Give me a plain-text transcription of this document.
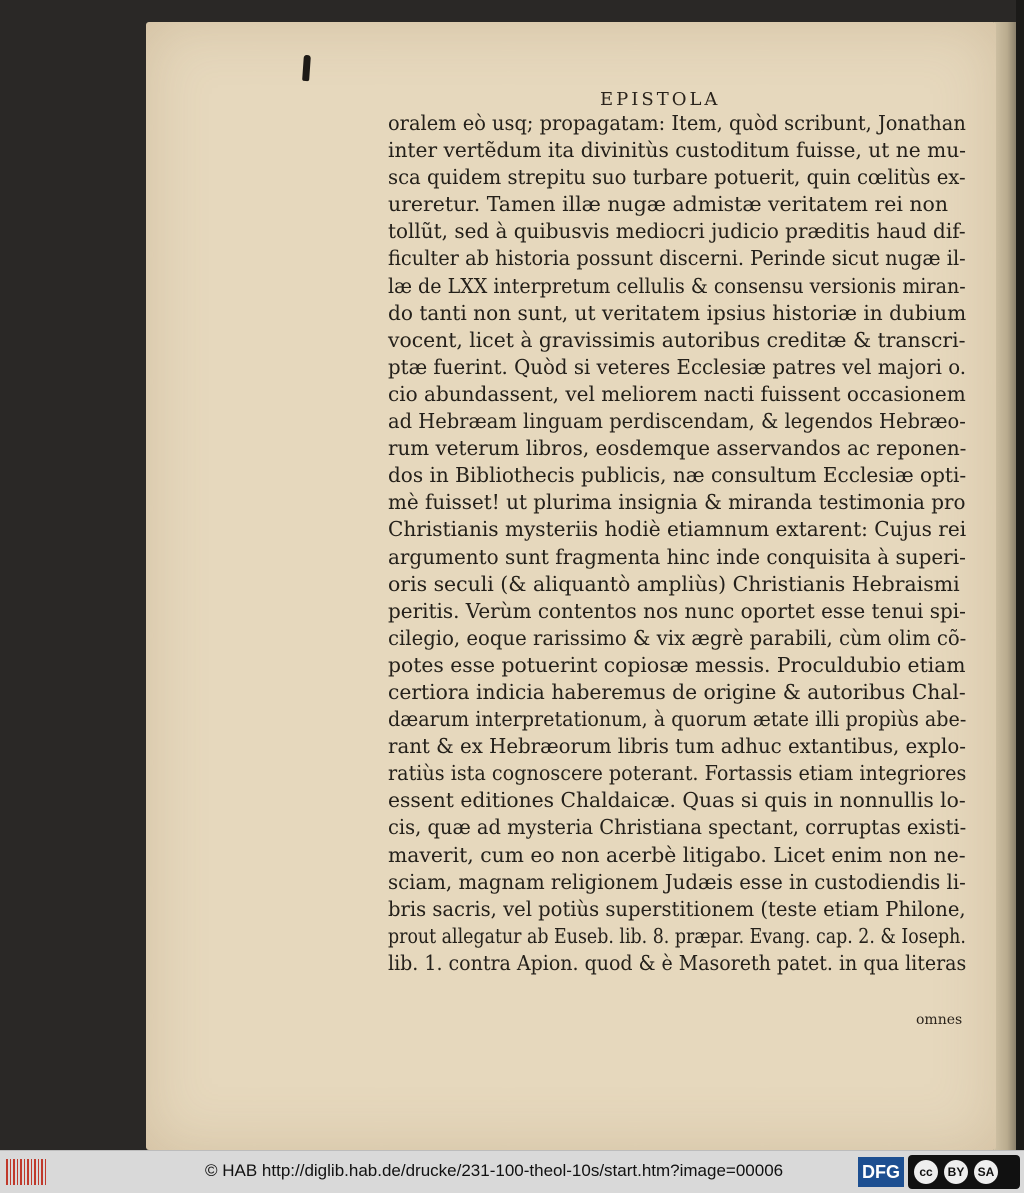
EPISTOLA
oralem eò usq; propagatam: Item, quòd scribunt, Jonathan
inter vertẽdum ita divinitùs custoditum fuisse, ut ne mu-
sca quidem strepitu suo turbare potuerit, quin cœlitùs ex-
ureretur. Tamen illæ nugæ admistæ veritatem rei non
tollũt, sed à quibusvis mediocri judicio præditis haud dif-
ficulter ab historia possunt discerni. Perinde sicut nugæ il-
læ de LXX interpretum cellulis & consensu versionis miran-
do tanti non sunt, ut veritatem ipsius historiæ in dubium
vocent, licet à gravissimis autoribus creditæ & transcri-
ptæ fuerint. Quòd si veteres Ecclesiæ patres vel majori o.
cio abundassent, vel meliorem nacti fuissent occasionem
ad Hebræam linguam perdiscendam, & legendos Hebræo-
rum veterum libros, eosdemque asservandos ac reponen-
dos in Bibliothecis publicis, næ consultum Ecclesiæ opti-
mè fuisset! ut plurima insignia & miranda testimonia pro
Christianis mysteriis hodiè etiamnum extarent: Cujus rei
argumento sunt fragmenta hinc inde conquisita à superi-
oris seculi (& aliquantò ampliùs) Christianis Hebraismi
peritis. Verùm contentos nos nunc oportet esse tenui spi-
cilegio, eoque rarissimo & vix ægrè parabili, cùm olim cõ-
potes esse potuerint copiosæ messis. Proculdubio etiam
certiora indicia haberemus de origine & autoribus Chal-
dæarum interpretationum, à quorum ætate illi propiùs abe-
rant & ex Hebræorum libris tum adhuc extantibus, explo-
ratiùs ista cognoscere poterant. Fortassis etiam integriores
essent editiones Chaldaicæ. Quas si quis in nonnullis lo-
cis, quæ ad mysteria Christiana spectant, corruptas existi-
maverit, cum eo non acerbè litigabo. Licet enim non ne-
sciam, magnam religionem Judæis esse in custodiendis li-
bris sacris, vel potiùs superstitionem (teste etiam Philone,
prout allegatur ab Euseb. lib. 8. præpar. Evang. cap. 2. & Ioseph.
lib. 1. contra Apion. quod & è Masoreth patet. in qua literas
omnes
© HAB http://diglib.hab.de/drucke/231-100-theol-10s/start.htm?image=00006	DFG	cc	BY	SA
